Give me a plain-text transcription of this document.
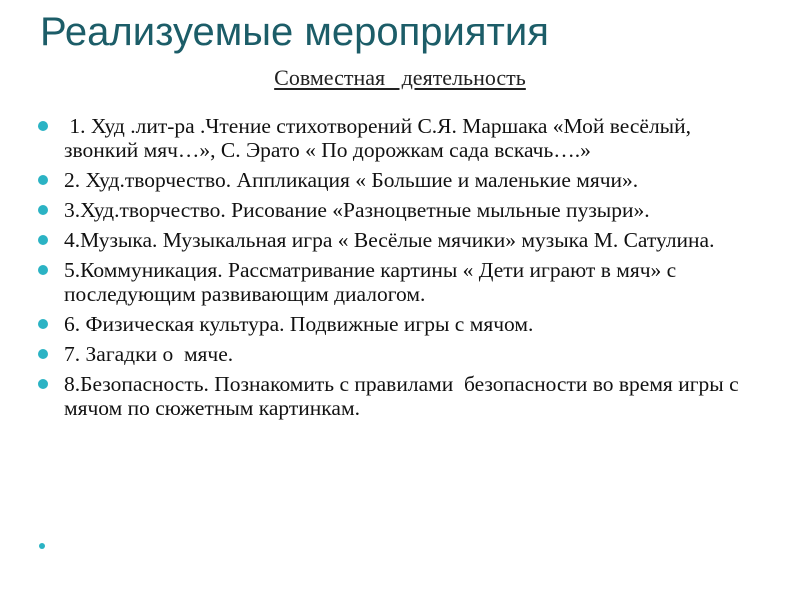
Реализуемые мероприятия
Совместная   деятельность
1. Худ .лит-ра .Чтение стихотворений С.Я. Маршака «Мой весёлый, звонкий мяч…», С. Эрато « По дорожкам сада вскачь….»
2. Худ.творчество. Аппликация « Большие и маленькие мячи».
3.Худ.творчество. Рисование «Разноцветные мыльные пузыри».
4.Музыка. Музыкальная игра « Весёлые мячики» музыка М. Сатулина.
5.Коммуникация. Рассматривание картины « Дети играют в мяч» с  последующим развивающим диалогом.
6. Физическая культура. Подвижные игры с мячом.
7. Загадки о  мяче.
8.Безопасность. Познакомить с правилами  безопасности во время игры с мячом по сюжетным картинкам.
